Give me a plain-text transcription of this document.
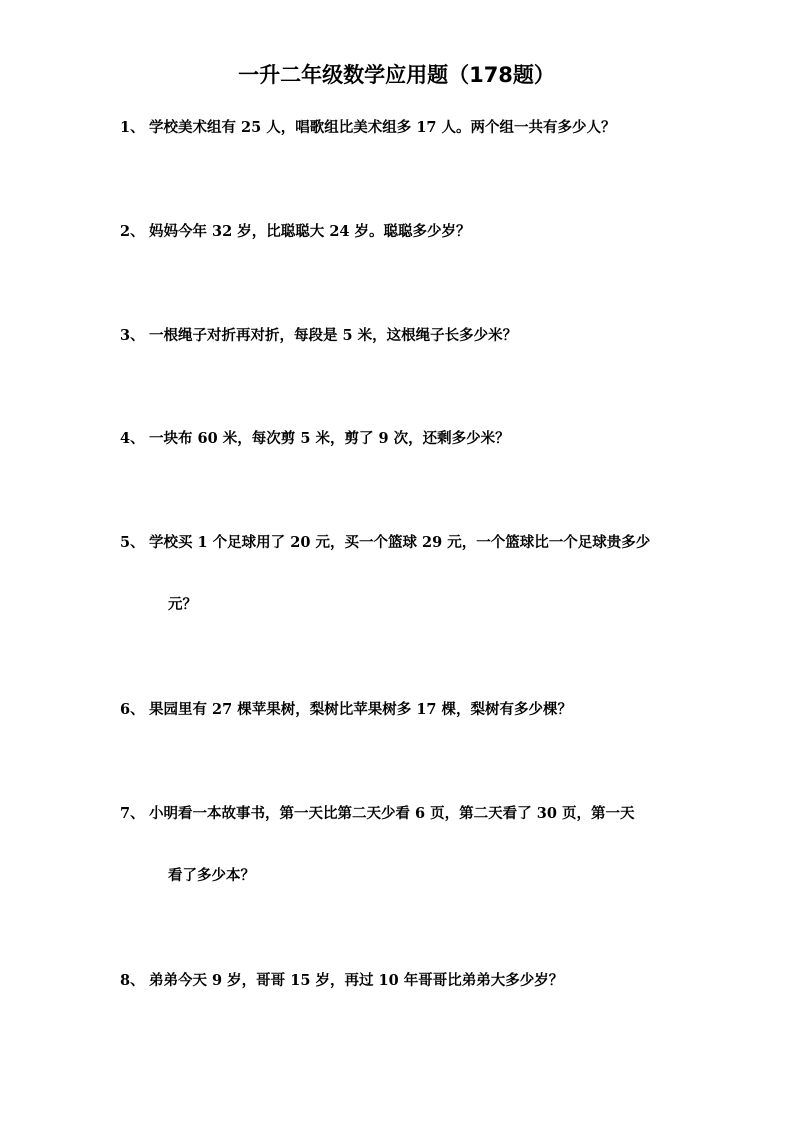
一升二年级数学应用题（178题）
1、 学校美术组有 25 人，唱歌组比美术组多 17 人。两个组一共有多少人？
2、 妈妈今年 32 岁，比聪聪大 24 岁。聪聪多少岁？
3、 一根绳子对折再对折，每段是 5 米，这根绳子长多少米？
4、 一块布 60 米，每次剪 5 米，剪了 9 次，还剩多少米？
5、 学校买 1 个足球用了 20 元，买一个篮球 29 元，一个篮球比一个足球贵多少
元？
6、 果园里有 27 棵苹果树，梨树比苹果树多 17 棵，梨树有多少棵？
7、 小明看一本故事书，第一天比第二天少看 6 页，第二天看了 30 页，第一天
看了多少本？
8、 弟弟今天 9 岁，哥哥 15 岁，再过 10 年哥哥比弟弟大多少岁？
